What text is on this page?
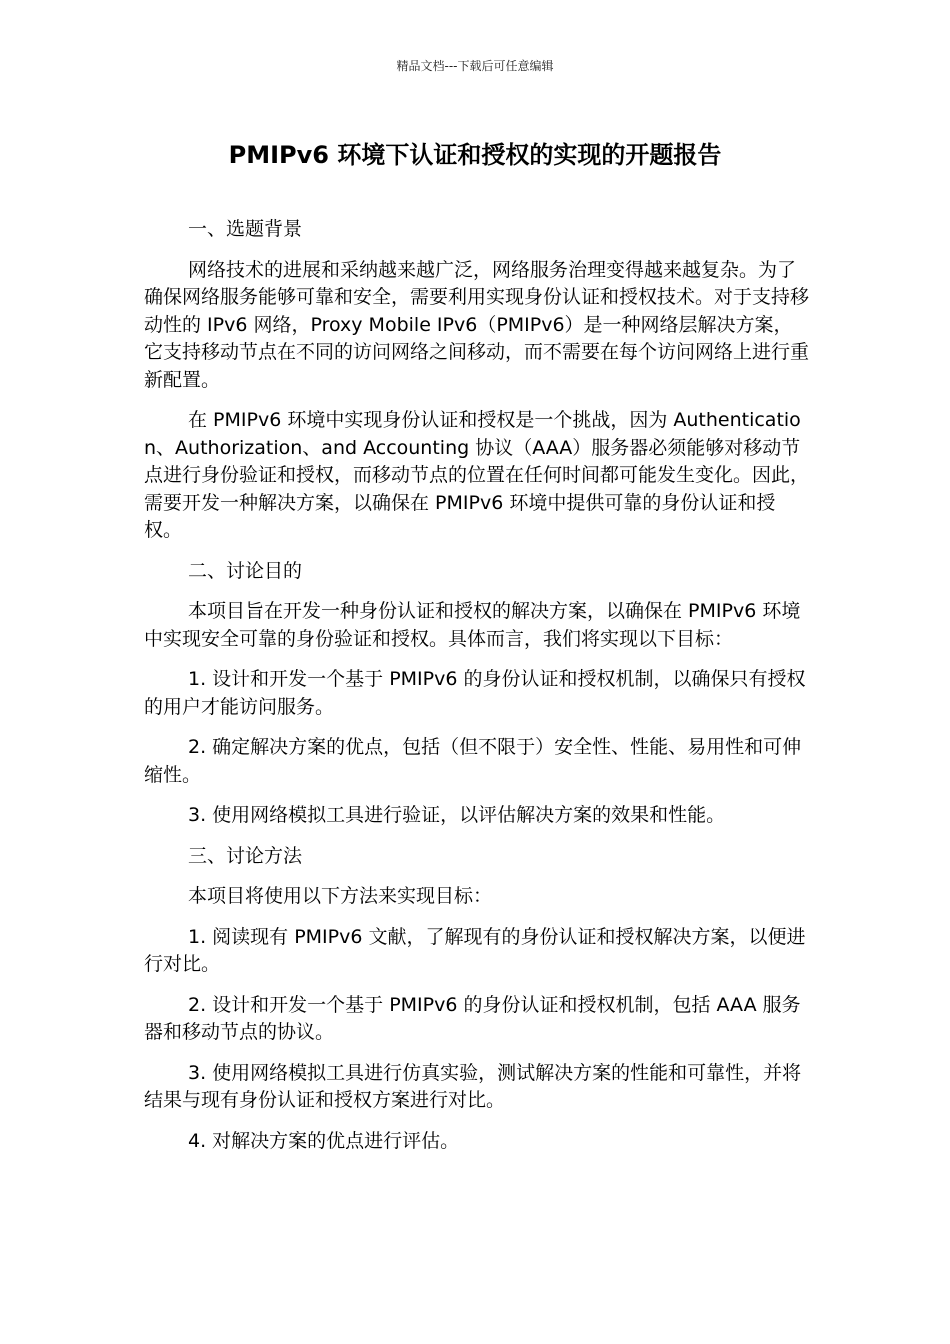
精品文档---下载后可任意编辑
PMIPv6 环境下认证和授权的实现的开题报告

一、选题背景

网络技术的进展和采纳越来越广泛，网络服务治理变得越来越复杂。为了确保网络服务能够可靠和安全，需要利用实现身份认证和授权技术。对于支持移动性的 IPv6 网络，Proxy Mobile IPv6（PMIPv6）是一种网络层解决方案，它支持移动节点在不同的访问网络之间移动，而不需要在每个访问网络上进行重新配置。

在 PMIPv6 环境中实现身份认证和授权是一个挑战，因为 Authentication、Authorization、and Accounting 协议（AAA）服务器必须能够对移动节点进行身份验证和授权，而移动节点的位置在任何时间都可能发生变化。因此，需要开发一种解决方案，以确保在 PMIPv6 环境中提供可靠的身份认证和授权。

二、讨论目的

本项目旨在开发一种身份认证和授权的解决方案，以确保在 PMIPv6 环境中实现安全可靠的身份验证和授权。具体而言，我们将实现以下目标：

1. 设计和开发一个基于 PMIPv6 的身份认证和授权机制，以确保只有授权的用户才能访问服务。

2. 确定解决方案的优点，包括（但不限于）安全性、性能、易用性和可伸缩性。

3. 使用网络模拟工具进行验证，以评估解决方案的效果和性能。

三、讨论方法

本项目将使用以下方法来实现目标：

1. 阅读现有 PMIPv6 文献，了解现有的身份认证和授权解决方案，以便进行对比。

2. 设计和开发一个基于 PMIPv6 的身份认证和授权机制，包括 AAA 服务器和移动节点的协议。

3. 使用网络模拟工具进行仿真实验，测试解决方案的性能和可靠性，并将结果与现有身份认证和授权方案进行对比。

4. 对解决方案的优点进行评估。
